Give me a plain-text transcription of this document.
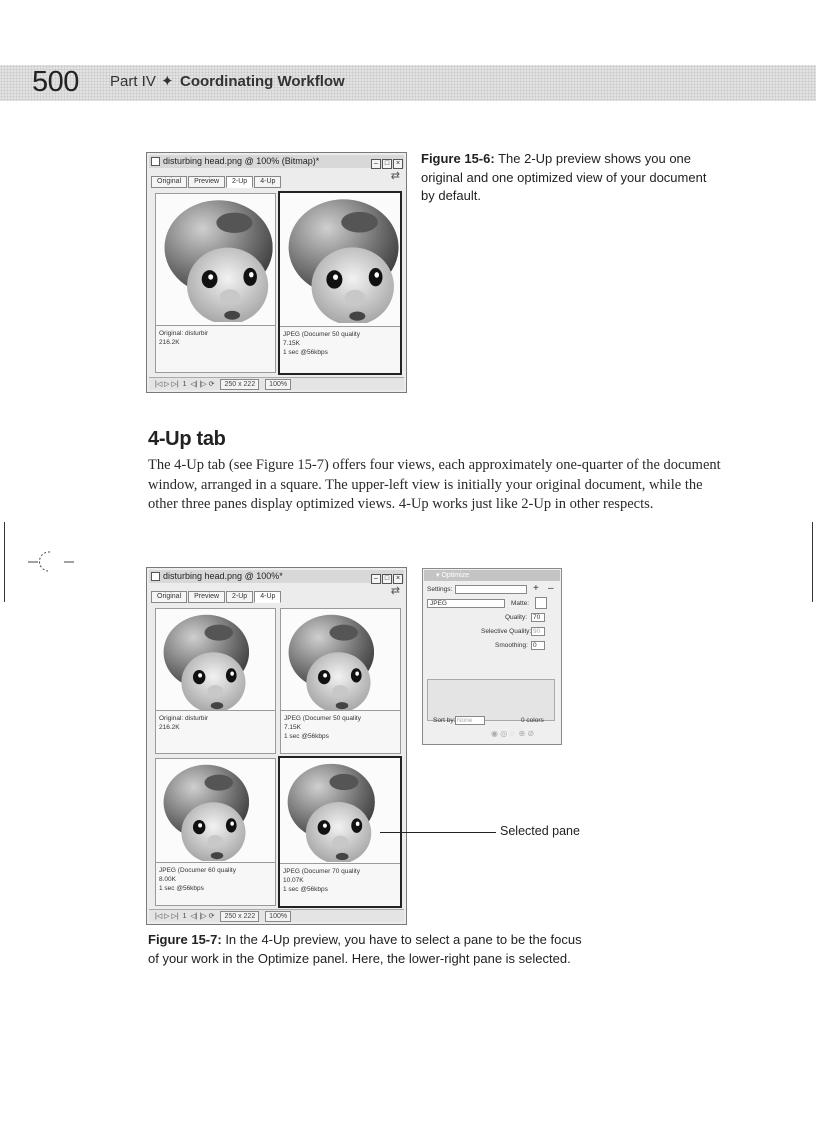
500 Part IV ✦ Coordinating Workflow
disturbing head.png @ 100% (Bitmap)*	– □ ×
Original Preview 2-Up 4-Up	⇄
Original: disturbir
216.2K
JPEG (Documer 50 quality
7.15K
1 sec @56kbps
|◁ ▷ ▷|  1  ◁| |▷ ⟳ 250 x 222 100%
Figure 15-6: The 2-Up preview shows you one original and one optimized view of your document by default.
4-Up tab
The 4-Up tab (see Figure 15-7) offers four views, each approximately one-quarter of the document window, arranged in a square. The upper-left view is initially your original document, while the other three panes display optimized views. 4-Up works just like 2-Up in other respects.
disturbing head.png @ 100%*	– □ ×
Original Preview 2-Up 4-Up	⇄
Original: disturbir
216.2K
JPEG (Documer 50 quality
7.15K
1 sec @56kbps
JPEG (Documer 60 quality
8.00K
1 sec @56kbps
JPEG (Documer 70 quality
10.07K
1 sec @56kbps
|◁ ▷ ▷|  1  ◁| |▷ ⟳ 250 x 222 100%
Selected pane
▾ Optimize
Settings:	+ –
JPEG	Matte:
Quality: 70
Selective Quality: 90
Smoothing: 0
Sort by: None	0 colors
◉ ◎ ◌  ⊕ ⊘
Figure 15-7: In the 4-Up preview, you have to select a pane to be the focus of your work in the Optimize panel. Here, the lower-right pane is selected.
